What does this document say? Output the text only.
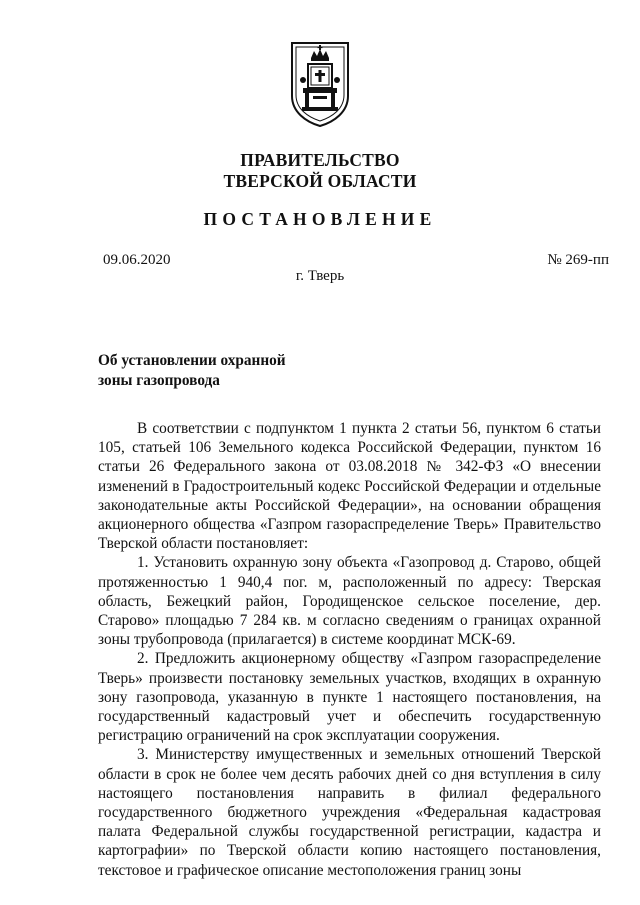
ПРАВИТЕЛЬСТВО
ТВЕРСКОЙ ОБЛАСТИ
ПОСТАНОВЛЕНИЕ
09.06.2020	№ 269-пп
г. Тверь
Об установлении охранной
зоны газопровода

В соответствии с подпунктом 1 пункта 2 статьи 56, пунктом 6 статьи 105, статьей 106 Земельного кодекса Российской Федерации, пунктом 16 статьи 26 Федерального закона от 03.08.2018 № 342-ФЗ «О внесении изменений в Градостроительный кодекс Российской Федерации и отдельные законодательные акты Российской Федерации», на основании обращения акционерного общества «Газпром газораспределение Тверь» Правительство Тверской области постановляет:

1. Установить охранную зону объекта «Газопровод д. Старово, общей протяженностью 1 940,4 пог. м, расположенный по адресу: Тверская область, Бежецкий район, Городищенское сельское поселение, дер. Старово» площадью 7 284 кв. м согласно сведениям о границах охранной зоны трубопровода (прилагается) в системе координат МСК-69.

2. Предложить акционерному обществу «Газпром газораспределение Тверь» произвести постановку земельных участков, входящих в охранную зону газопровода, указанную в пункте 1 настоящего постановления, на государственный кадастровый учет и обеспечить государственную регистрацию ограничений на срок эксплуатации сооружения.

3. Министерству имущественных и земельных отношений Тверской области в срок не более чем десять рабочих дней со дня вступления в силу настоящего постановления направить в филиал федерального государственного бюджетного учреждения «Федеральная кадастровая палата Федеральной службы государственной регистрации, кадастра и картографии» по Тверской области копию настоящего постановления, текстовое и графическое описание местоположения границ зоны
